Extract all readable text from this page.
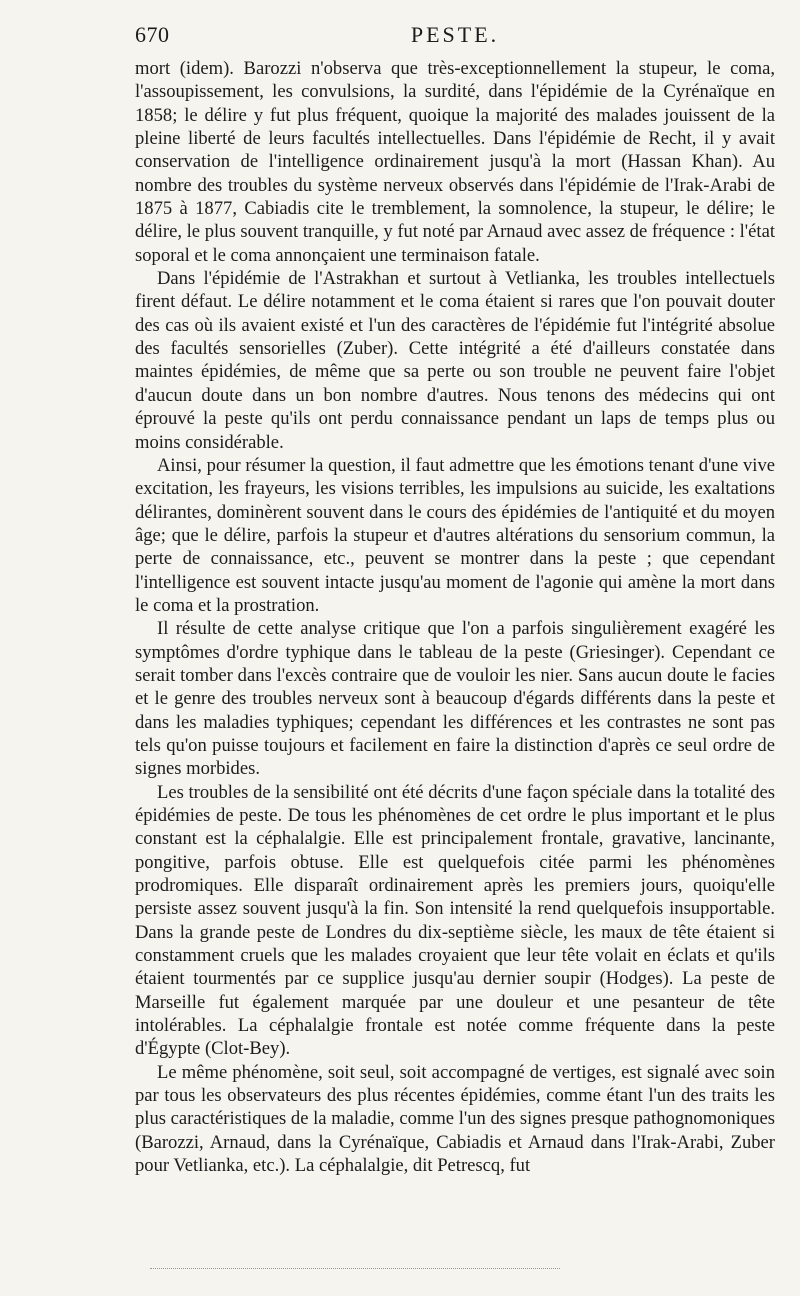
670	PESTE.

mort (idem). Barozzi n'observa que très-exceptionnellement la stupeur, le coma, l'assoupissement, les convulsions, la surdité, dans l'épidémie de la Cyrénaïque en 1858; le délire y fut plus fréquent, quoique la majorité des malades jouissent de la pleine liberté de leurs facultés intellectuelles. Dans l'épidémie de Recht, il y avait conservation de l'intelligence ordinairement jusqu'à la mort (Hassan Khan). Au nombre des troubles du système nerveux observés dans l'épidémie de l'Irak-Arabi de 1875 à 1877, Cabiadis cite le tremblement, la somnolence, la stupeur, le délire; le délire, le plus souvent tranquille, y fut noté par Arnaud avec assez de fréquence : l'état soporal et le coma annonçaient une terminaison fatale.

Dans l'épidémie de l'Astrakhan et surtout à Vetlianka, les troubles intellectuels firent défaut. Le délire notamment et le coma étaient si rares que l'on pouvait douter des cas où ils avaient existé et l'un des caractères de l'épidémie fut l'intégrité absolue des facultés sensorielles (Zuber). Cette intégrité a été d'ailleurs constatée dans maintes épidémies, de même que sa perte ou son trouble ne peuvent faire l'objet d'aucun doute dans un bon nombre d'autres. Nous tenons des médecins qui ont éprouvé la peste qu'ils ont perdu connaissance pendant un laps de temps plus ou moins considérable.

Ainsi, pour résumer la question, il faut admettre que les émotions tenant d'une vive excitation, les frayeurs, les visions terribles, les impulsions au suicide, les exaltations délirantes, dominèrent souvent dans le cours des épidémies de l'antiquité et du moyen âge; que le délire, parfois la stupeur et d'autres altérations du sensorium commun, la perte de connaissance, etc., peuvent se montrer dans la peste ; que cependant l'intelligence est souvent intacte jusqu'au moment de l'agonie qui amène la mort dans le coma et la prostration.

Il résulte de cette analyse critique que l'on a parfois singulièrement exagéré les symptômes d'ordre typhique dans le tableau de la peste (Griesinger). Cependant ce serait tomber dans l'excès contraire que de vouloir les nier. Sans aucun doute le facies et le genre des troubles nerveux sont à beaucoup d'égards différents dans la peste et dans les maladies typhiques; cependant les différences et les contrastes ne sont pas tels qu'on puisse toujours et facilement en faire la distinction d'après ce seul ordre de signes morbides.

Les troubles de la sensibilité ont été décrits d'une façon spéciale dans la totalité des épidémies de peste. De tous les phénomènes de cet ordre le plus important et le plus constant est la céphalalgie. Elle est principalement frontale, gravative, lancinante, pongitive, parfois obtuse. Elle est quelquefois citée parmi les phénomènes prodromiques. Elle disparaît ordinairement après les premiers jours, quoiqu'elle persiste assez souvent jusqu'à la fin. Son intensité la rend quelquefois insupportable. Dans la grande peste de Londres du dix-septième siècle, les maux de tête étaient si constamment cruels que les malades croyaient que leur tête volait en éclats et qu'ils étaient tourmentés par ce supplice jusqu'au dernier soupir (Hodges). La peste de Marseille fut également marquée par une douleur et une pesanteur de tête intolérables. La céphalalgie frontale est notée comme fréquente dans la peste d'Égypte (Clot-Bey).

Le même phénomène, soit seul, soit accompagné de vertiges, est signalé avec soin par tous les observateurs des plus récentes épidémies, comme étant l'un des traits les plus caractéristiques de la maladie, comme l'un des signes presque pathognomoniques (Barozzi, Arnaud, dans la Cyrénaïque, Cabiadis et Arnaud dans l'Irak-Arabi, Zuber pour Vetlianka, etc.). La céphalalgie, dit Petrescq, fut
